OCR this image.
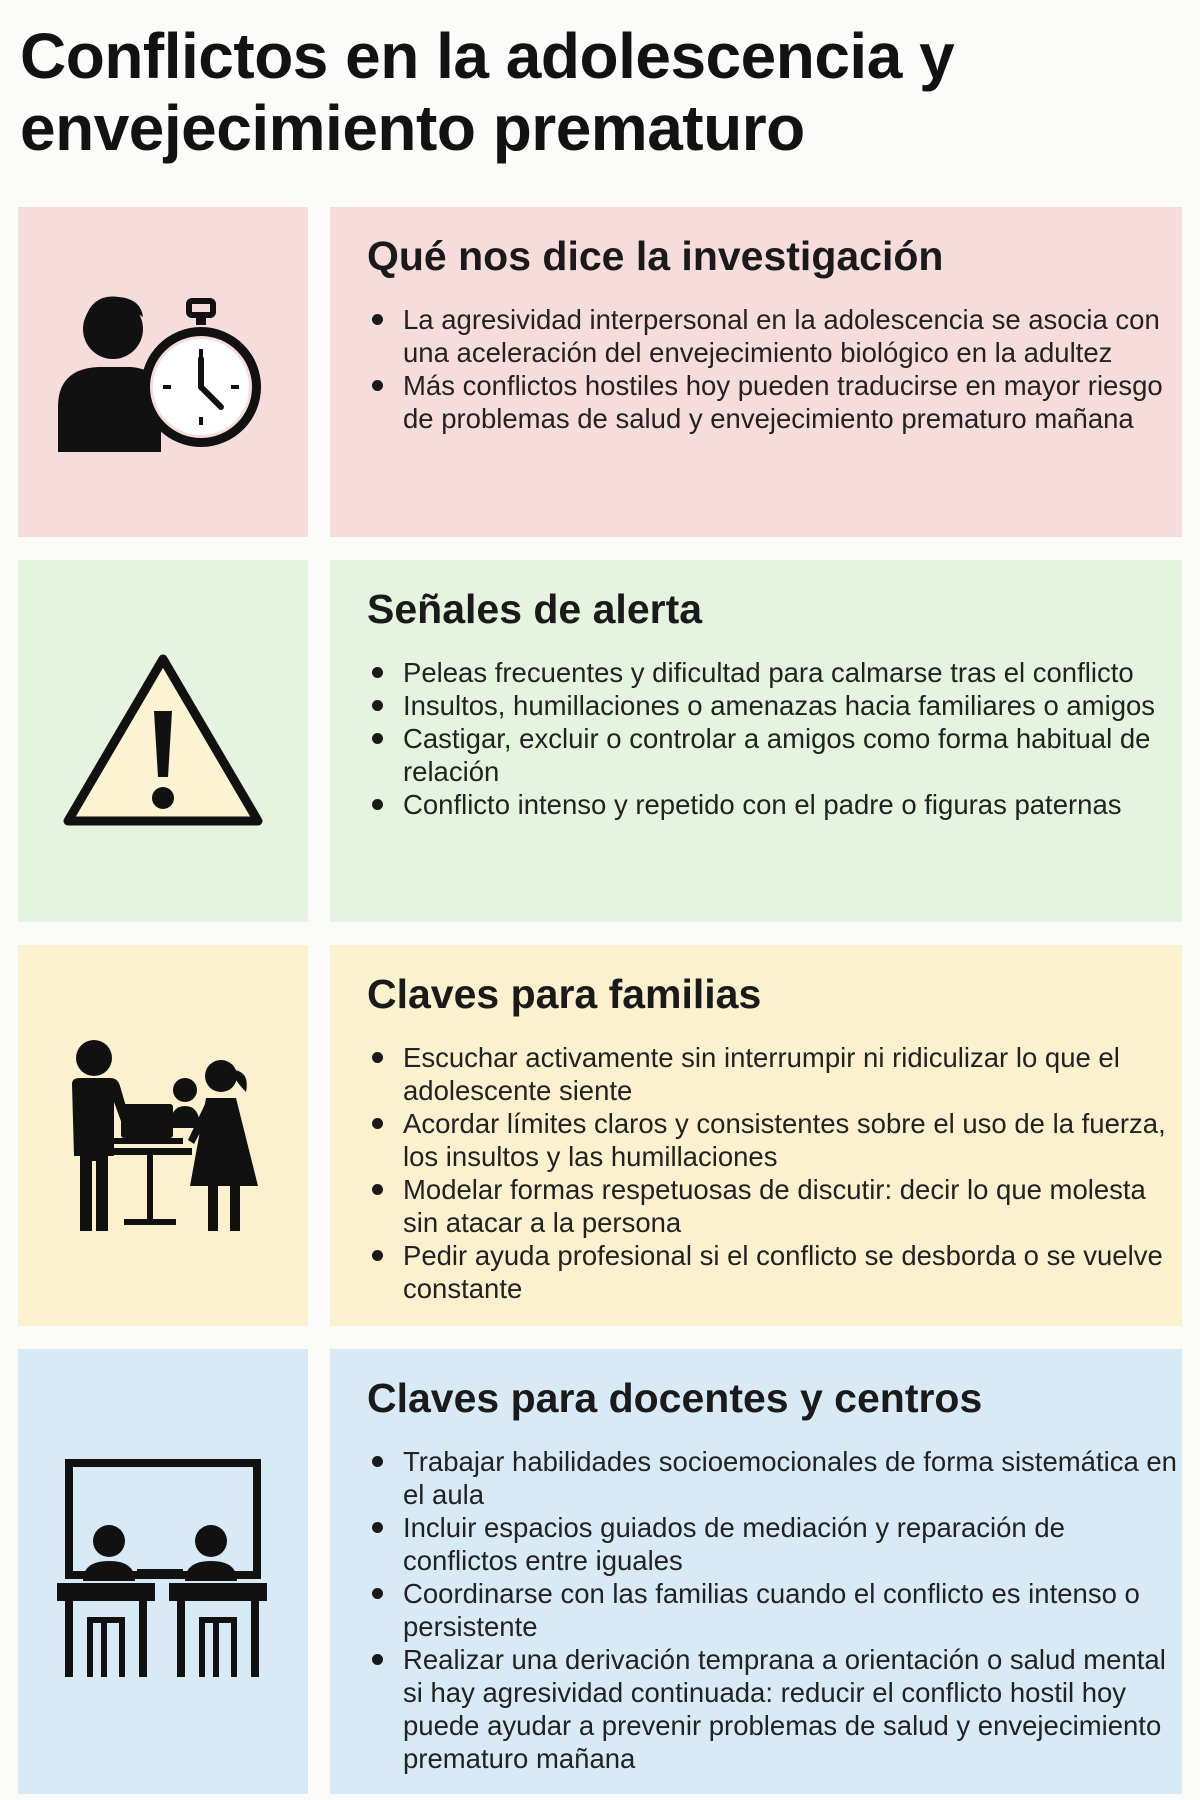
Conflictos en la adolescencia y envejecimiento prematuro
Qué nos dice la investigación
La agresividad interpersonal en la adolescencia se asocia con una aceleración del envejecimiento biológico en la adultez
Más conflictos hostiles hoy pueden traducirse en mayor riesgo de problemas de salud y envejecimiento prematuro mañana
Señales de alerta
Peleas frecuentes y dificultad para calmarse tras el conflicto
Insultos, humillaciones o amenazas hacia familiares o amigos
Castigar, excluir o controlar a amigos como forma habitual de relación
Conflicto intenso y repetido con el padre o figuras paternas
Claves para familias
Escuchar activamente sin interrumpir ni ridiculizar lo que el adolescente siente
Acordar límites claros y consistentes sobre el uso de la fuerza, los insultos y las humillaciones
Modelar formas respetuosas de discutir: decir lo que molesta sin atacar a la persona
Pedir ayuda profesional si el conflicto se desborda o se vuelve constante
Claves para docentes y centros
Trabajar habilidades socioemocionales de forma sistemática en el aula
Incluir espacios guiados de mediación y reparación de conflictos entre iguales
Coordinarse con las familias cuando el conflicto es intenso o persistente
Realizar una derivación temprana a orientación o salud mental si hay agresividad continuada: reducir el conflicto hostil hoy puede ayudar a prevenir problemas de salud y envejecimiento prematuro mañana
